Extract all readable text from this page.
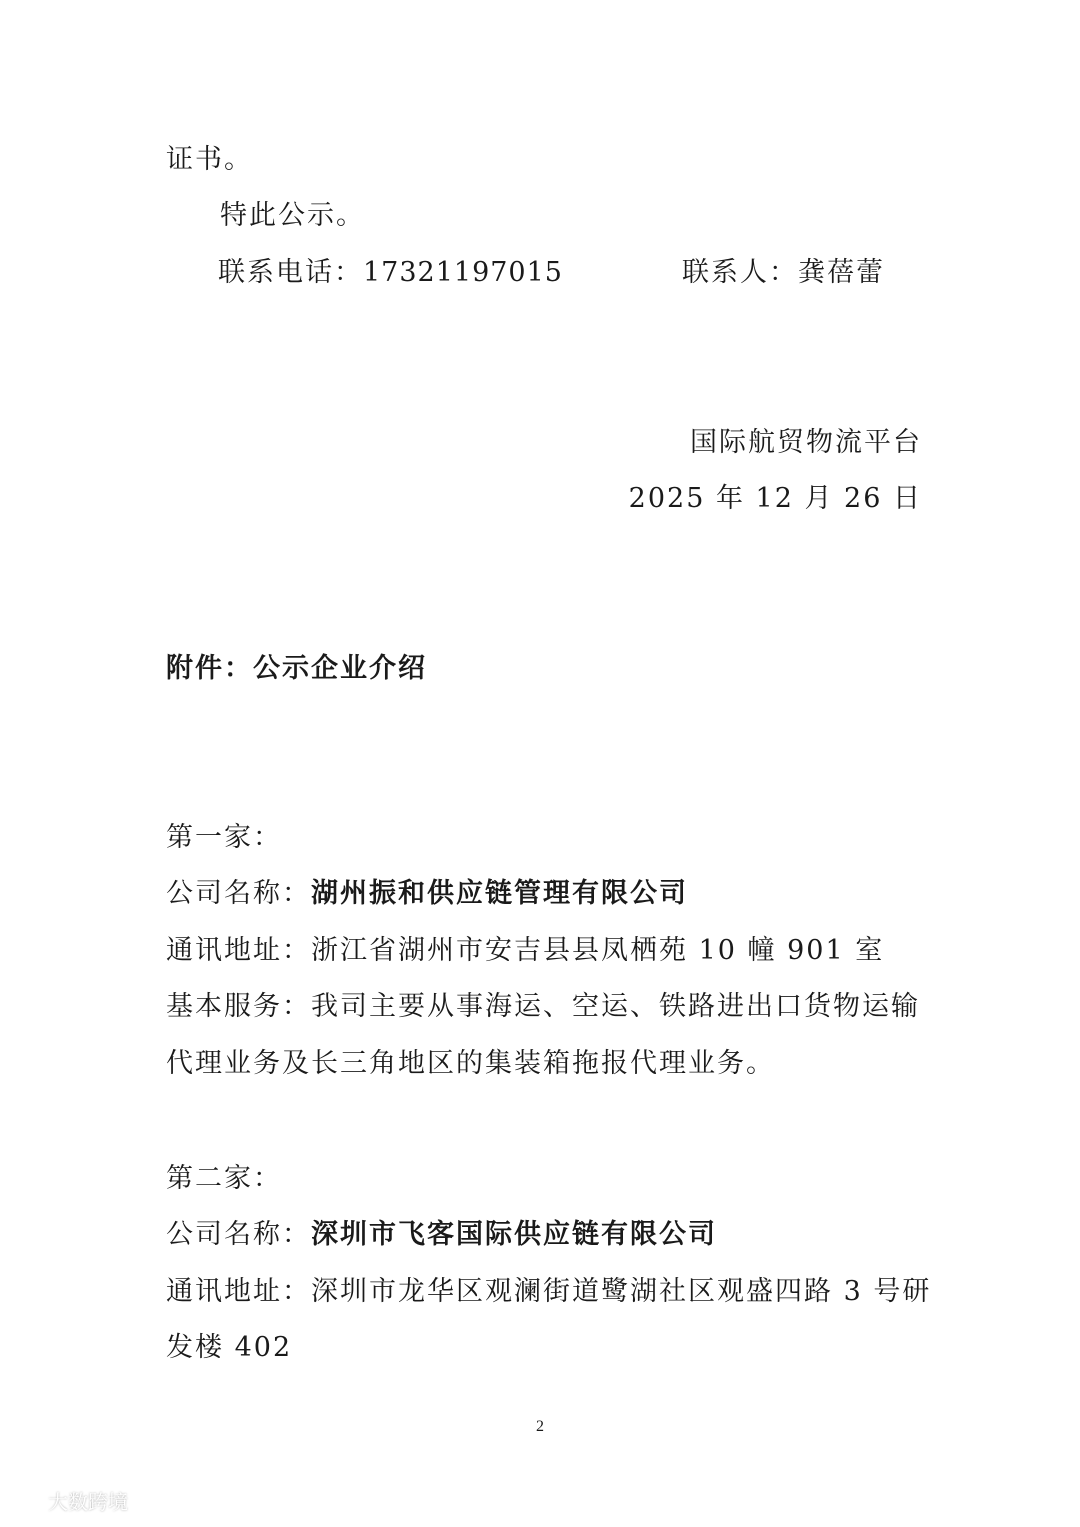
证书。
特此公示。
联系电话：17321197015	联系人：龚蓓蕾
国际航贸物流平台
2025 年 12 月 26 日
附件：公示企业介绍
第一家：
公司名称：湖州振和供应链管理有限公司
通讯地址：浙江省湖州市安吉县县凤栖苑 10 幢 901 室
基本服务：我司主要从事海运、空运、铁路进出口货物运输
代理业务及长三角地区的集装箱拖报代理业务。
第二家：
公司名称：深圳市飞客国际供应链有限公司
通讯地址：深圳市龙华区观澜街道鹭湖社区观盛四路 3 号研
发楼 402
2
大数跨境
